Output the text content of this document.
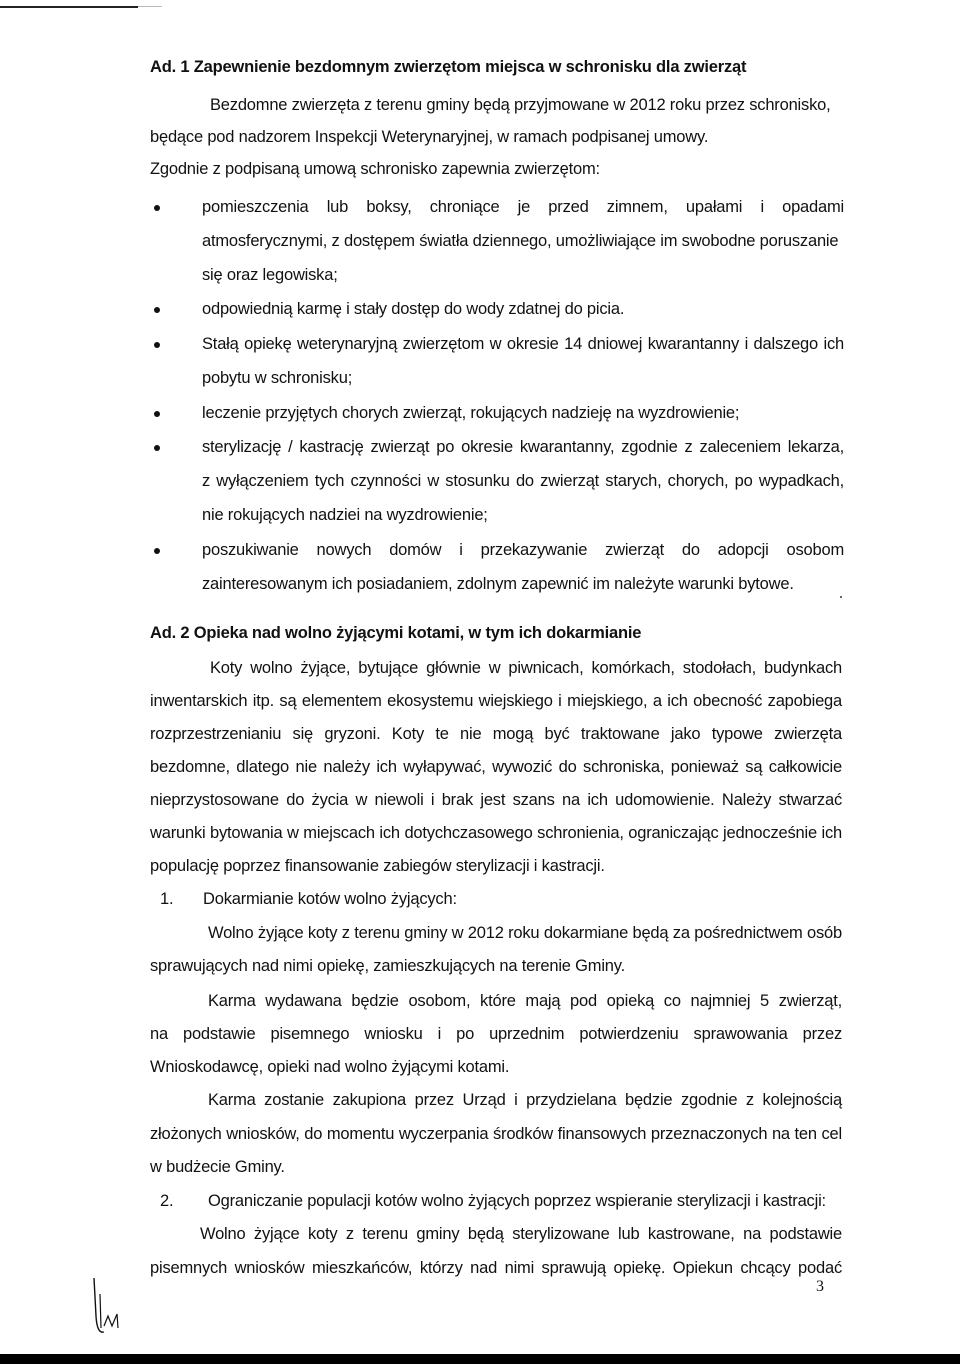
Ad. 1 Zapewnienie bezdomnym zwierzętom miejsca w schronisku dla zwierząt
Bezdomne zwierzęta z terenu gminy będą przyjmowane w 2012 roku przez schronisko,
będące pod nadzorem Inspekcji Weterynaryjnej, w ramach podpisanej umowy.
Zgodnie z podpisaną umową schronisko zapewnia zwierzętom:
pomieszczenia lub boksy, chroniące je przed zimnem, upałami i opadami
atmosferycznymi, z dostępem światła dziennego, umożliwiające im swobodne poruszanie
się oraz legowiska;
odpowiednią karmę i stały dostęp do wody zdatnej do picia.
Stałą opiekę weterynaryjną zwierzętom w okresie 14 dniowej kwarantanny i dalszego ich
pobytu w schronisku;
leczenie przyjętych chorych zwierząt, rokujących nadzieję na wyzdrowienie;
sterylizację / kastrację zwierząt po okresie kwarantanny, zgodnie z zaleceniem lekarza,
z wyłączeniem tych czynności w stosunku do zwierząt starych, chorych, po wypadkach,
nie rokujących nadziei na wyzdrowienie;
poszukiwanie nowych domów i przekazywanie zwierząt do adopcji osobom
zainteresowanym ich posiadaniem, zdolnym zapewnić im należyte warunki bytowe.
Ad. 2 Opieka nad wolno żyjącymi kotami, w tym ich dokarmianie
Koty wolno żyjące, bytujące głównie w piwnicach, komórkach, stodołach, budynkach
inwentarskich itp. są elementem ekosystemu wiejskiego i miejskiego, a ich obecność zapobiega
rozprzestrzenianiu się gryzoni. Koty te nie mogą być traktowane jako typowe zwierzęta
bezdomne, dlatego nie należy ich wyłapywać, wywozić do schroniska, ponieważ są całkowicie
nieprzystosowane do życia w niewoli i brak jest szans na ich udomowienie. Należy stwarzać
warunki bytowania w miejscach ich dotychczasowego schronienia, ograniczając jednocześnie ich
populację poprzez finansowanie zabiegów sterylizacji i kastracji.
1. Dokarmianie kotów wolno żyjących:
Wolno żyjące koty z terenu gminy w 2012 roku dokarmiane będą za pośrednictwem osób
sprawujących nad nimi opiekę, zamieszkujących na terenie Gminy.
Karma wydawana będzie osobom, które mają pod opieką co najmniej 5 zwierząt,
na podstawie pisemnego wniosku i po uprzednim potwierdzeniu sprawowania przez
Wnioskodawcę, opieki nad wolno żyjącymi kotami.
Karma zostanie zakupiona przez Urząd i przydzielana będzie zgodnie z kolejnością
złożonych wniosków, do momentu wyczerpania środków finansowych przeznaczonych na ten cel
w budżecie Gminy.
2. Ograniczanie populacji kotów wolno żyjących poprzez wspieranie sterylizacji i kastracji:
Wolno żyjące koty z terenu gminy będą sterylizowane lub kastrowane, na podstawie
pisemnych wniosków mieszkańców, którzy nad nimi sprawują opiekę. Opiekun chcący podać
3
